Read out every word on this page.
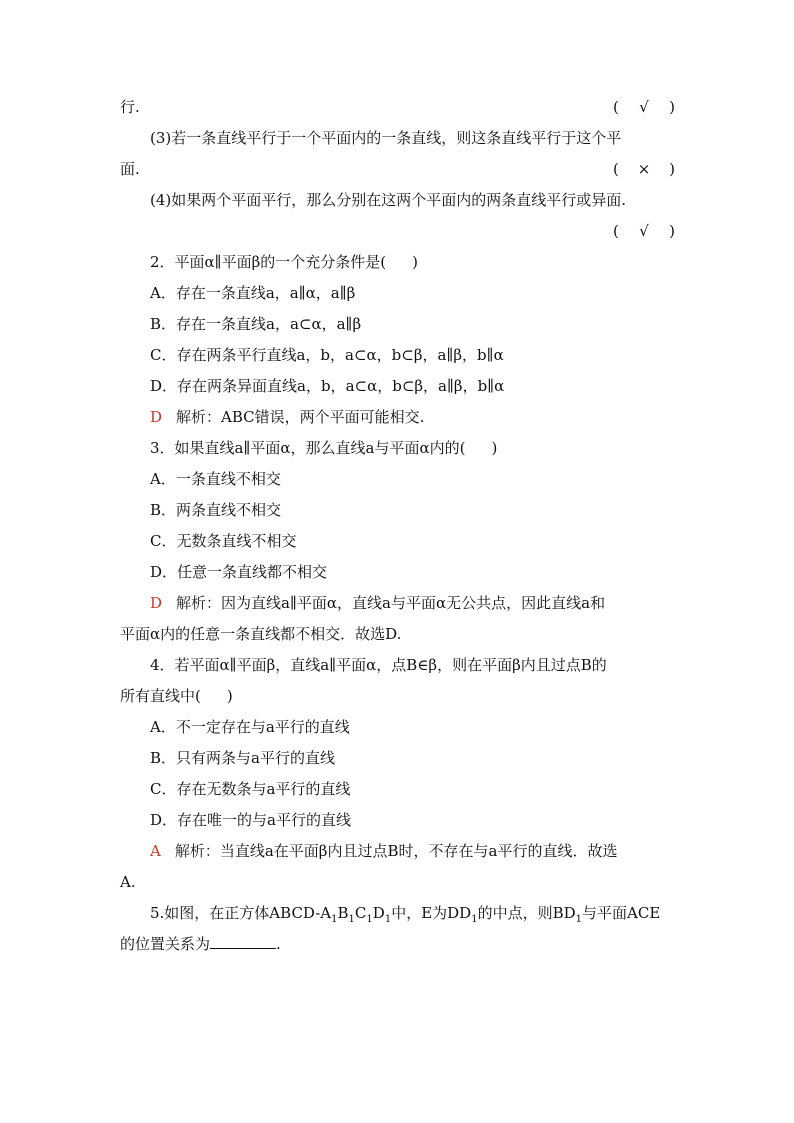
行.	( √ )
(3)若一条直线平行于一个平面内的一条直线，则这条直线平行于这个平
面.	( × )
(4)如果两个平面平行，那么分别在这两个平面内的两条直线平行或异面.
( √ )
2．平面α∥平面β的一个充分条件是( )
A．存在一条直线a，a∥α，a∥β
B．存在一条直线a，a⊂α，a∥β
C．存在两条平行直线a，b，a⊂α，b⊂β，a∥β，b∥α
D．存在两条异面直线a，b，a⊂α，b⊂β，a∥β，b∥α
D 解析：ABC错误，两个平面可能相交.
3．如果直线a∥平面α，那么直线a与平面α内的( )
A．一条直线不相交
B．两条直线不相交
C．无数条直线不相交
D．任意一条直线都不相交
D 解析：因为直线a∥平面α，直线a与平面α无公共点，因此直线a和
平面α内的任意一条直线都不相交．故选D.
4．若平面α∥平面β，直线a∥平面α，点B∈β，则在平面β内且过点B的
所有直线中( )
A．不一定存在与a平行的直线
B．只有两条与a平行的直线
C．存在无数条与a平行的直线
D．存在唯一的与a平行的直线
A 解析：当直线a在平面β内且过点B时，不存在与a平行的直线．故选
A.
5.如图，在正方体ABCD-$A_1B_1C_1D_1$中，E为$DD_1$的中点，则$BD_1$与平面ACE
的位置关系为	.
